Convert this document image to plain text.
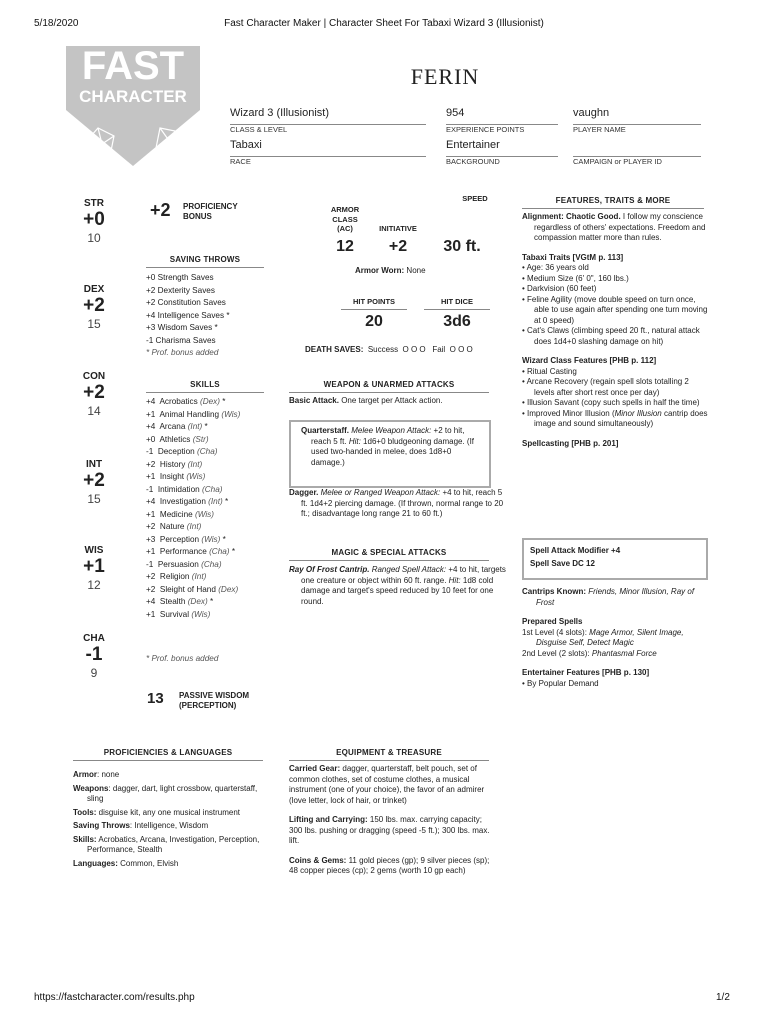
5/18/2020	Fast Character Maker | Character Sheet For Tabaxi Wizard 3 (Illusionist)
https://fastcharacter.com/results.php	1/2
FAST
CHARACTER
FERIN
Wizard 3 (Illusionist)
CLASS & LEVEL
954
EXPERIENCE POINTS
vaughn
PLAYER NAME
Tabaxi
RACE
Entertainer
BACKGROUND	CAMPAIGN or PLAYER ID
STR
+0
10
DEX
+2
15
CON
+2
14
INT
+2
15
WIS
+1
12
CHA
-1
9
+2 PROFICIENCY
BONUS
SAVING THROWS
+0 Strength Saves
+2 Dexterity Saves
+2 Constitution Saves
+4 Intelligence Saves *
+3 Wisdom Saves *
-1 Charisma Saves
* Prof. bonus added
SKILLS
+4 Acrobatics (Dex) *
+1 Animal Handling (Wis)
+4 Arcana (Int) *
+0 Athletics (Str)
-1 Deception (Cha)
+2 History (Int)
+1 Insight (Wis)
-1 Intimidation (Cha)
+4 Investigation (Int) *
+1 Medicine (Wis)
+2 Nature (Int)
+3 Perception (Wis) *
+1 Performance (Cha) *
-1 Persuasion (Cha)
+2 Religion (Int)
+2 Sleight of Hand (Dex)
+4 Stealth (Dex) *
+1 Survival (Wis)
* Prof. bonus added
13 PASSIVE WISDOM
(PERCEPTION)
ARMOR
CLASS
(AC)
12
INITIATIVE
+2
SPEED
30 ft.
Armor Worn: None
HIT POINTS
20
HIT DICE
3d6
DEATH SAVES: Success O O O Fail O O O
WEAPON & UNARMED ATTACKS
Basic Attack. One target per Attack action.
Quarterstaff. Melee Weapon Attack: +2 to hit, reach 5 ft. Hit: 1d6+0 bludgeoning damage. (If used two-handed in melee, does 1d8+0 damage.)
Dagger. Melee or Ranged Weapon Attack: +4 to hit, reach 5 ft. 1d4+2 piercing damage. (If thrown, normal range to 20 ft.; disadvantage long range 21 to 60 ft.)
MAGIC & SPECIAL ATTACKS
Ray Of Frost Cantrip. Ranged Spell Attack: +4 to hit, targets one creature or object within 60 ft. range. Hit: 1d8 cold damage and target's speed reduced by 10 feet for one round.
FEATURES, TRAITS & MORE
Alignment: Chaotic Good. I follow my conscience regardless of others' expectations. Freedom and compassion matter more than rules.
Tabaxi Traits [VGtM p. 113]
• Age: 36 years old
• Medium Size (6' 0", 160 lbs.)
• Darkvision (60 feet)
• Feline Agility (move double speed on turn once, able to use again after spending one turn moving at 0 speed)
• Cat's Claws (climbing speed 20 ft., natural attack does 1d4+0 slashing damage on hit)
Wizard Class Features [PHB p. 112]
• Ritual Casting
• Arcane Recovery (regain spell slots totalling 2 levels after short rest once per day)
• Illusion Savant (copy such spells in half the time)
• Improved Minor Illusion (Minor Illusion cantrip does image and sound simultaneously)
Spellcasting [PHB p. 201]
Spell Attack Modifier +4
Spell Save DC 12
Cantrips Known: Friends, Minor Illusion, Ray of Frost
Prepared Spells
1st Level (4 slots): Mage Armor, Silent Image, Disguise Self, Detect Magic
2nd Level (2 slots): Phantasmal Force
Entertainer Features [PHB p. 130]
• By Popular Demand
PROFICIENCIES & LANGUAGES
Armor: none
Weapons: dagger, dart, light crossbow, quarterstaff, sling
Tools: disguise kit, any one musical instrument
Saving Throws: Intelligence, Wisdom
Skills: Acrobatics, Arcana, Investigation, Perception, Performance, Stealth
Languages: Common, Elvish
EQUIPMENT & TREASURE
Carried Gear: dagger, quarterstaff, belt pouch, set of common clothes, set of costume clothes, a musical instrument (one of your choice), the favor of an admirer (love letter, lock of hair, or trinket)
Lifting and Carrying: 150 lbs. max. carrying capacity; 300 lbs. pushing or dragging (speed -5 ft.); 300 lbs. max. lift.
Coins & Gems: 11 gold pieces (gp); 9 silver pieces (sp); 48 copper pieces (cp); 2 gems (worth 10 gp each)
